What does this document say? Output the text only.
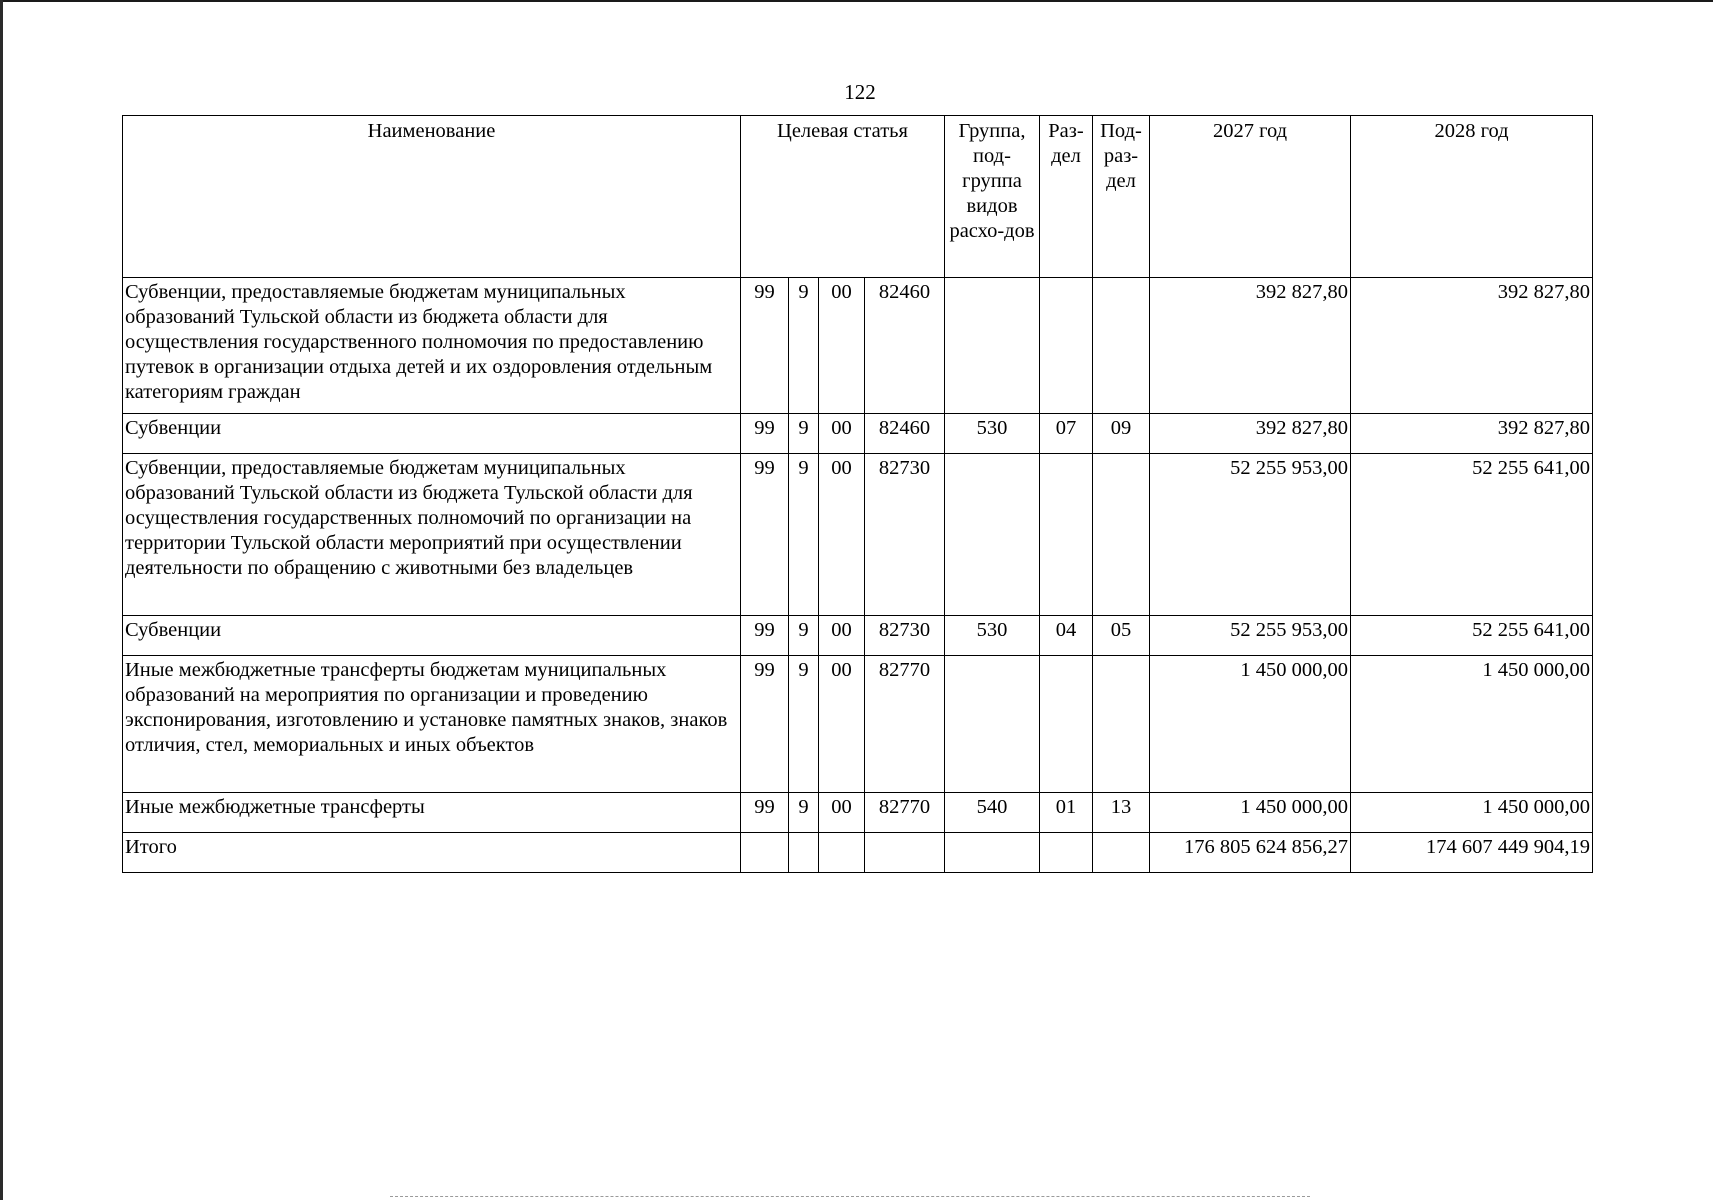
122
Наименование	Целевая статья				Группа, под-группа видов расхо-дов	Раз-дел	Под-раз-дел	2027 год	2028 год
Субвенции, предоставляемые бюджетам муниципальных образований Тульской области из бюджета области для осуществления государственного полномочия по предоставлению путевок в организации отдыха детей и их оздоровления отдельным категориям граждан	99	9	00	82460				392 827,80	392 827,80
Субвенции	99	9	00	82460	530	07	09	392 827,80	392 827,80
Субвенции, предоставляемые бюджетам муниципальных образований Тульской области из бюджета Тульской области для осуществления государственных полномочий по организации на территории Тульской области мероприятий при осуществлении деятельности по обращению с животными без владельцев	99	9	00	82730				52 255 953,00	52 255 641,00
Субвенции	99	9	00	82730	530	04	05	52 255 953,00	52 255 641,00
Иные межбюджетные трансферты бюджетам муниципальных образований на мероприятия по организации и проведению экспонирования, изготовлению и установке памятных знаков, знаков отличия, стел, мемориальных и иных объектов	99	9	00	82770				1 450 000,00	1 450 000,00
Иные межбюджетные трансферты	99	9	00	82770	540	01	13	1 450 000,00	1 450 000,00
Итого								176 805 624 856,27	174 607 449 904,19
